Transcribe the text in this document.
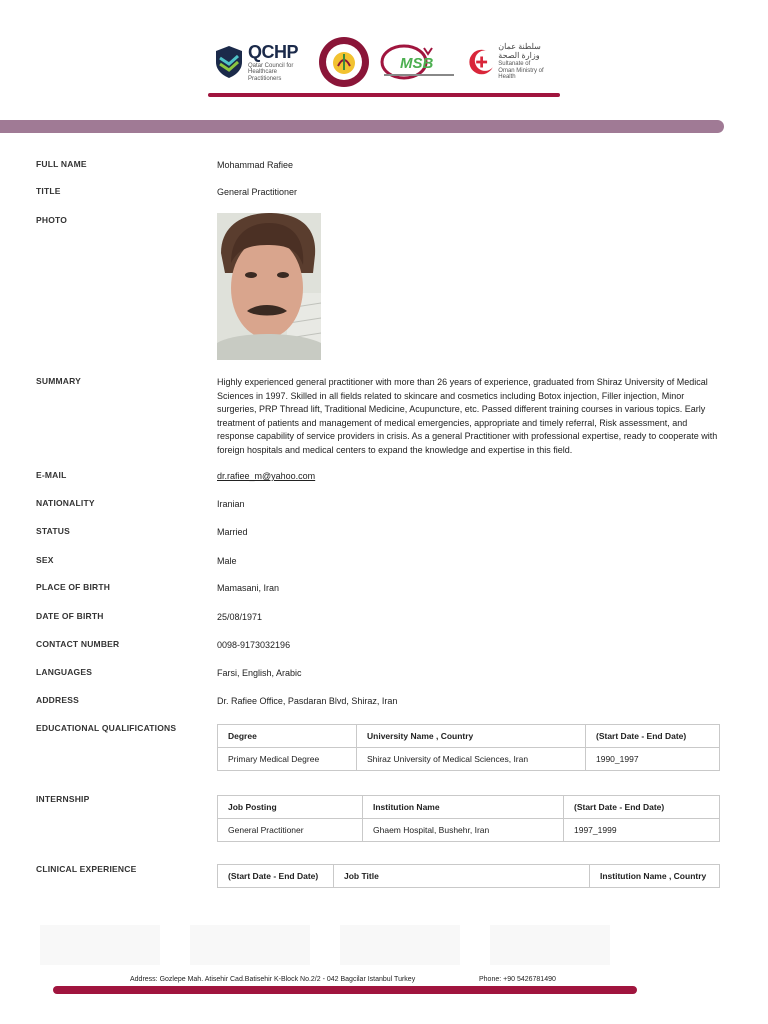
QCHP
Qatar Council for Healthcare Practitioners
MSB
سلطنة عمان وزارة الصحة
Sultanate of Oman Ministry of Health
FULL NAME	Mohammad Rafiee
TITLE	General Practitioner
PHOTO
SUMMARY	Highly experienced general practitioner with more than 26 years of experience, graduated from Shiraz University of Medical Sciences in 1997. Skilled in all fields related to skincare and cosmetics including Botox injection, Filler injection, Minor surgeries, PRP Thread lift, Traditional Medicine, Acupuncture, etc. Passed different training courses in various topics. Early treatment of patients and management of medical emergencies, appropriate and timely referral, Risk assessment, and response capability of service providers in crisis. As a general Practitioner with professional expertise, ready to cooperate with foreign hospitals and medical centers to expand the knowledge and expertise in this field.
E-MAIL	dr.rafiee_m@yahoo.com
NATIONALITY	Iranian
STATUS	Married
SEX	Male
PLACE OF BIRTH	Mamasani, Iran
DATE OF BIRTH	25/08/1971
CONTACT NUMBER	0098-9173032196
LANGUAGES	Farsi, English, Arabic
ADDRESS	Dr. Rafiee Office, Pasdaran Blvd, Shiraz, Iran
EDUCATIONAL QUALIFICATIONS
Degree	University Name , Country	(Start Date - End Date)
Primary Medical Degree	Shiraz University of Medical Sciences, Iran	1990_1997
INTERNSHIP
Job Posting	Institution Name	(Start Date - End Date)
General Practitioner	Ghaem Hospital, Bushehr, Iran	1997_1999
CLINICAL EXPERIENCE
(Start Date - End Date)	Job Title	Institution Name , Country
Address: Gozlepe Mah. Atisehir Cad.Batisehir K-Block No.2/2 - 042 Bagcilar Istanbul Turkey	Phone: +90 5426781490
